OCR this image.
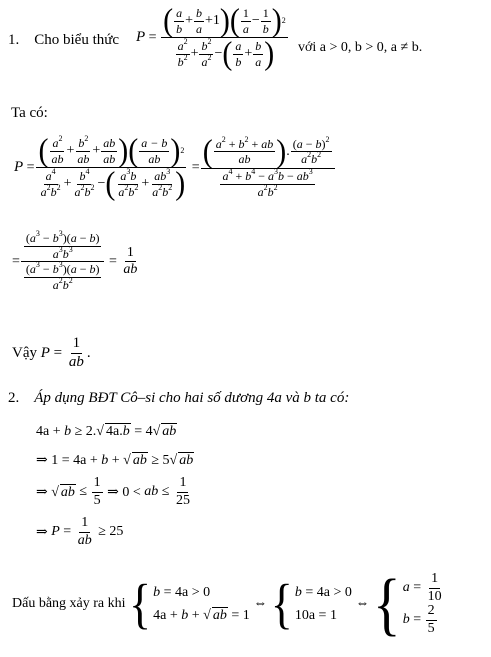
1. Cho biểu thức P = ( $\frac{a}{b} + \frac{b}{a} +1$ )	( $\frac{1}{a} - \frac{1}{b}$
) 2
$\frac{a^2}{b^2} + \frac{b^2}{a^2}$ − ( $\frac{a}{b} + \frac{b}{a}$
) với a > 0, b > 0, a ≠ b.
Ta có:
P = ( $\frac{a^2}{ab} + \frac{b^2}{ab} + \frac{ab}{ab}$
) ( $\frac{a - b}{ab}$
) 2
$\frac{a^4}{a^2b^2} + \frac{b^4}{a^2b^2}$ − ( $\frac{a^3b}{a^2b^2} + \frac{ab^3}{a^2b^2}$
) = ( $\frac{a^2 + b^2 + ab}{ab}$
) . $\frac{(a - b)^2}{a^2b^2}$
$\frac{a^4 + b^4 - a^3b - ab^3}{a^2b^2}$
= $\frac{\frac{(a^3 - b^3)(a - b)}{a^3b^3}}{\frac{(a^3 - b^3)(a - b)}{a^2b^2}} = \frac{1}{ab}$
Vậy
$P = \frac{1}{ab}$ .
2. Áp dụng BĐT Cô–si cho hai số dương 4a và b ta có:
4a + b ≥ 2.√ 4a.b = 4√ ab
⇒ 1 = 4a + b + √ ab ≥ 5√ ab
⇒ √ ab ≤ $\frac{1}{5}$ ⇒ 0 < ab ≤ $\frac{1}{25}$
⇒ $P = \frac{1}{ab} \ge 25$
Dấu bằng xảy ra khi
{ b = 4a > 0
4a + b + √ ab = 1
⇔ { b = 4a > 0
10a = 1
⇔ { $a = \frac{1}{10}$
$b = \frac{2}{5}$
